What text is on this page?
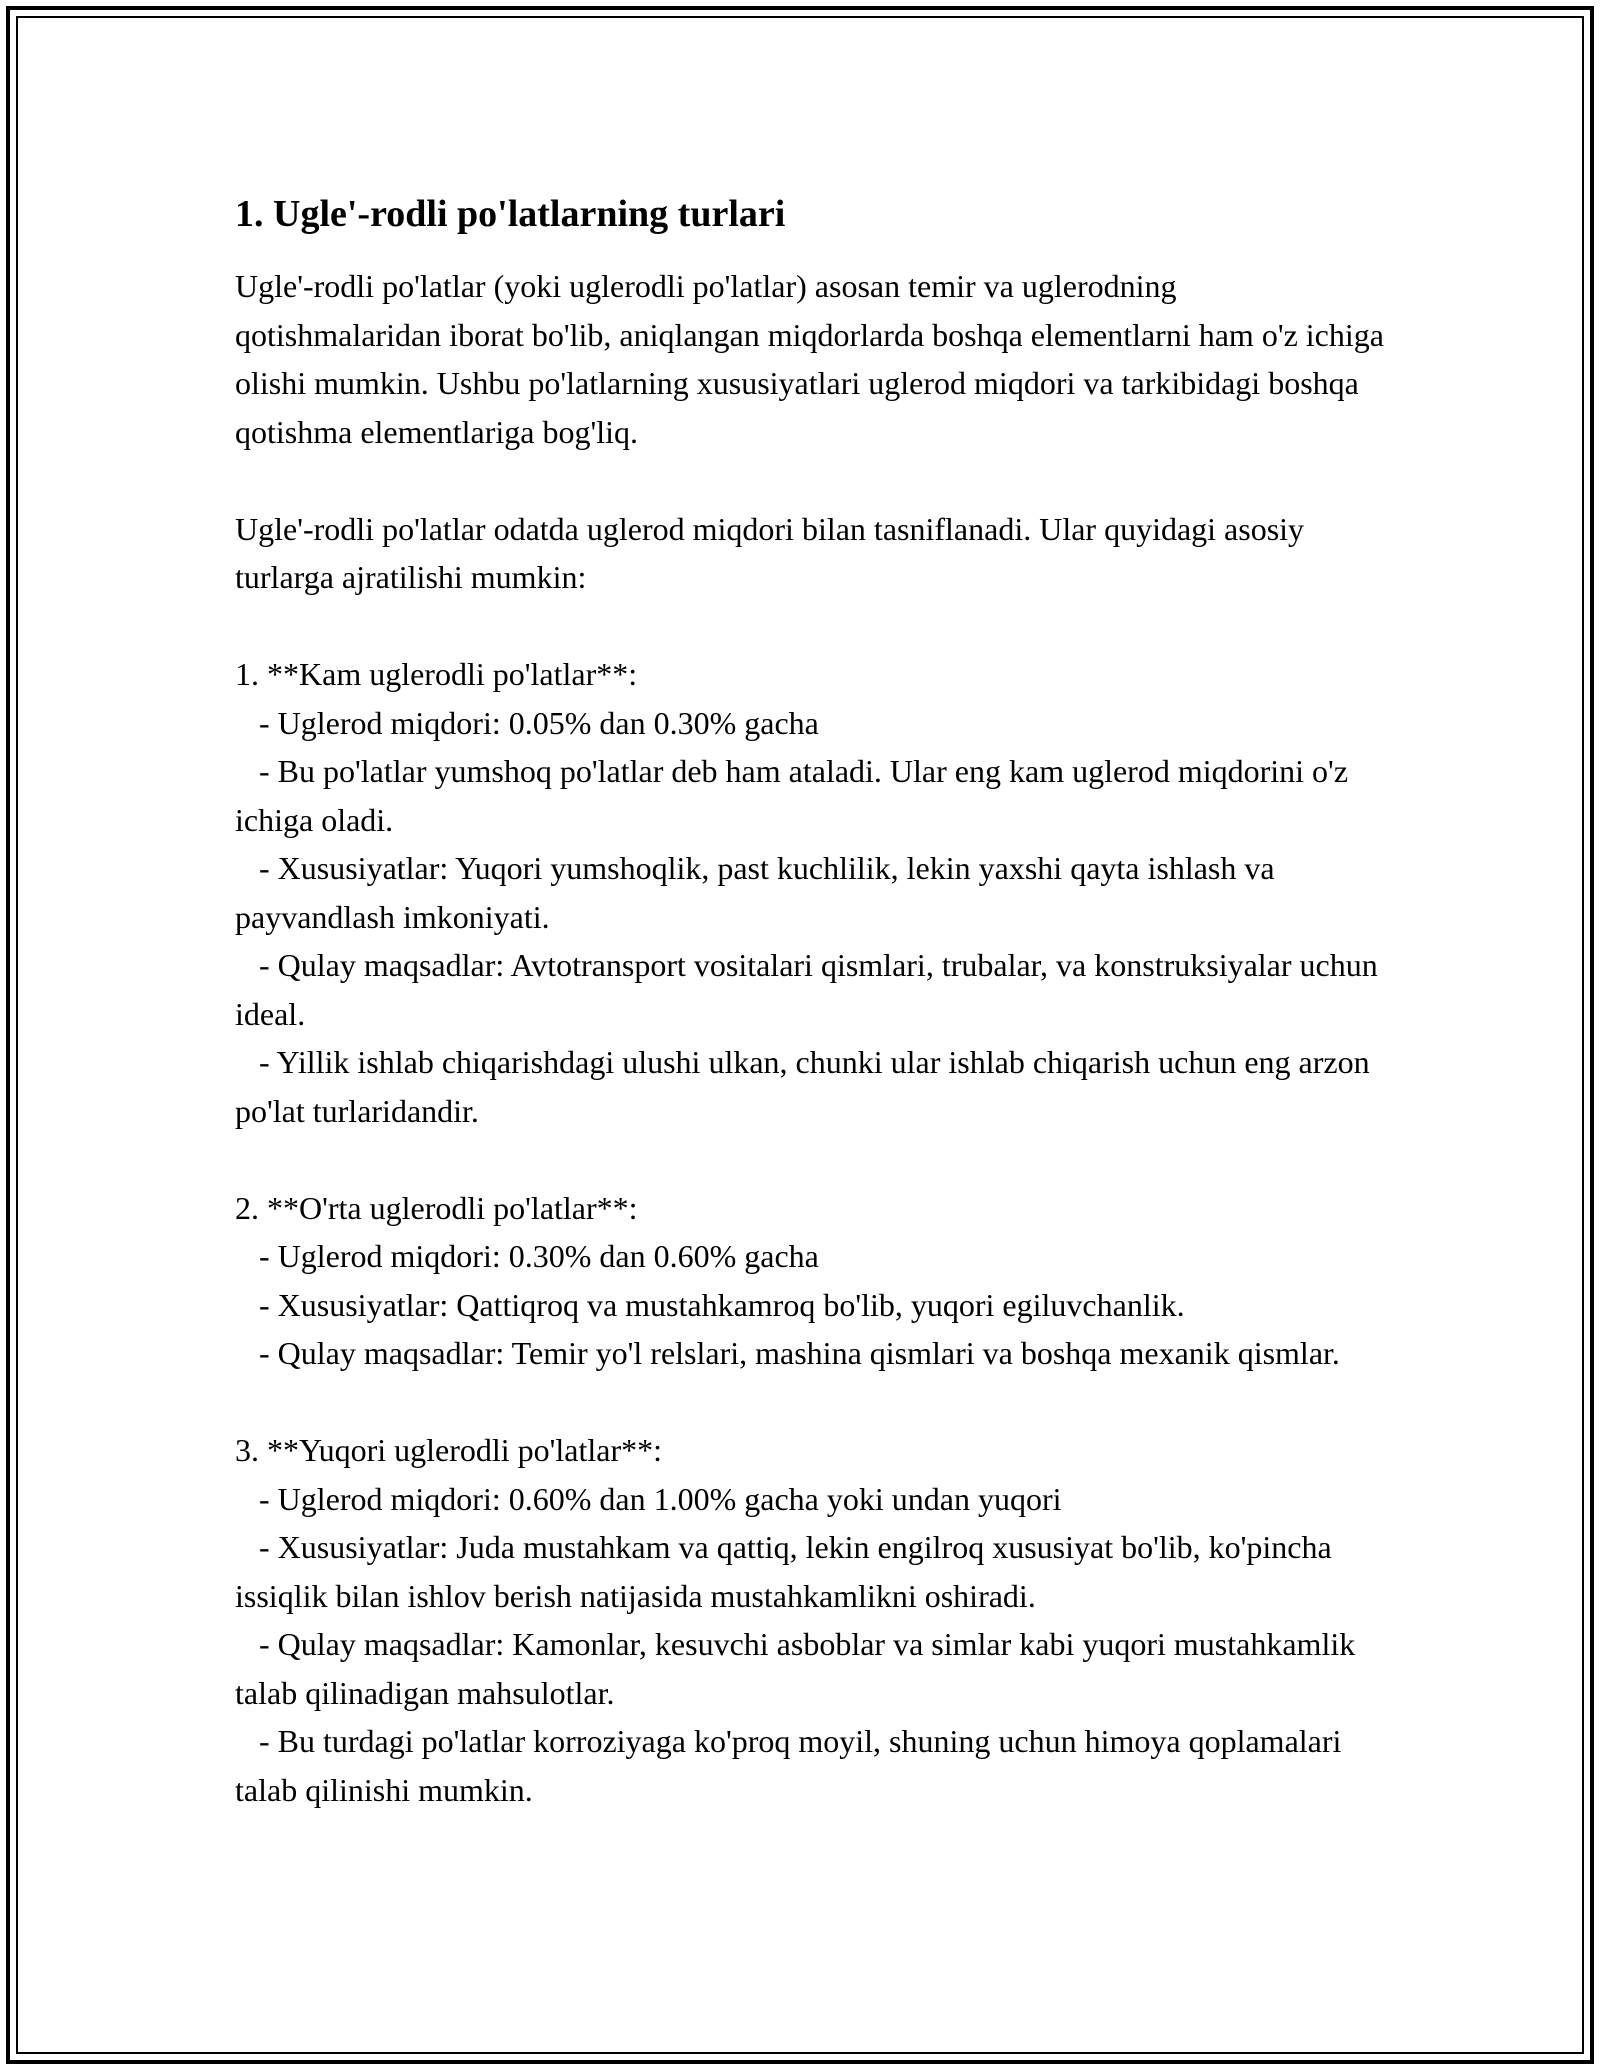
1. Ugle'-rodli po'latlarning turlari

Ugle'-rodli po'latlar (yoki uglerodli po'latlar) asosan temir va uglerodning qotishmalaridan iborat bo'lib, aniqlangan miqdorlarda boshqa elementlarni ham o'z ichiga olishi mumkin. Ushbu po'latlarning xususiyatlari uglerod miqdori va tarkibidagi boshqa qotishma elementlariga bog'liq.

Ugle'-rodli po'latlar odatda uglerod miqdori bilan tasniflanadi. Ular quyidagi asosiy turlarga ajratilishi mumkin:

1. **Kam uglerodli po'latlar**:

- Uglerod miqdori: 0.05% dan 0.30% gacha

- Bu po'latlar yumshoq po'latlar deb ham ataladi. Ular eng kam uglerod miqdorini o'z ichiga oladi.

- Xususiyatlar: Yuqori yumshoqlik, past kuchlilik, lekin yaxshi qayta ishlash va payvandlash imkoniyati.

- Qulay maqsadlar: Avtotransport vositalari qismlari, trubalar, va konstruksiyalar uchun ideal.

- Yillik ishlab chiqarishdagi ulushi ulkan, chunki ular ishlab chiqarish uchun eng arzon po'lat turlaridandir.

2. **O'rta uglerodli po'latlar**:

- Uglerod miqdori: 0.30% dan 0.60% gacha

- Xususiyatlar: Qattiqroq va mustahkamroq bo'lib, yuqori egiluvchanlik.

- Qulay maqsadlar: Temir yo'l relslari, mashina qismlari va boshqa mexanik qismlar.

3. **Yuqori uglerodli po'latlar**:

- Uglerod miqdori: 0.60% dan 1.00% gacha yoki undan yuqori

- Xususiyatlar: Juda mustahkam va qattiq, lekin engilroq xususiyat bo'lib, ko'pincha issiqlik bilan ishlov berish natijasida mustahkamlikni oshiradi.

- Qulay maqsadlar: Kamonlar, kesuvchi asboblar va simlar kabi yuqori mustahkamlik talab qilinadigan mahsulotlar.

- Bu turdagi po'latlar korroziyaga ko'proq moyil, shuning uchun himoya qoplamalari talab qilinishi mumkin.
